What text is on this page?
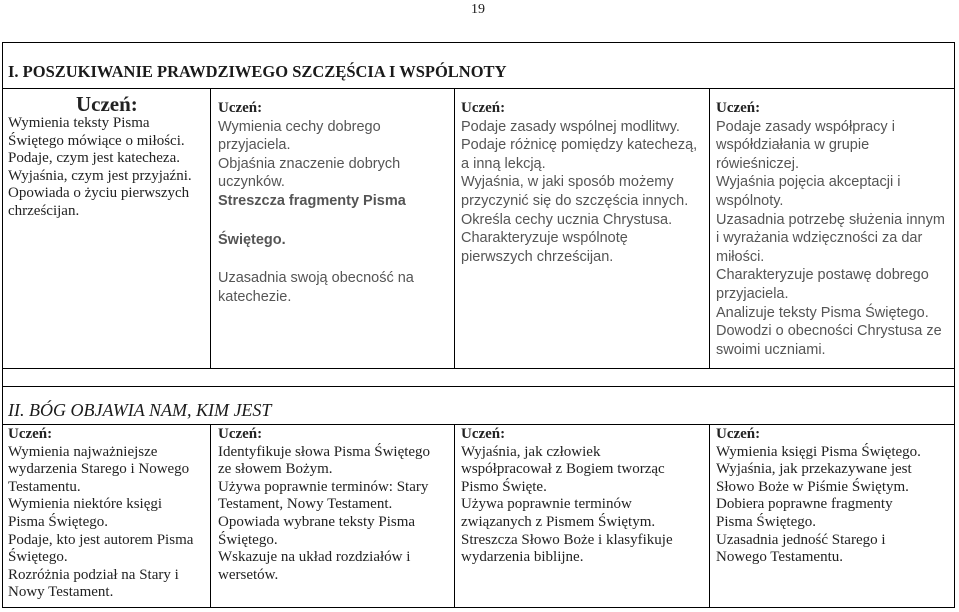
19
I. POSZUKIWANIE PRAWDZIWEGO SZCZĘŚCIA I WSPÓLNOTY
Uczeń:
Wymienia teksty Pisma
Świętego mówiące o miłości.
Podaje, czym jest katecheza.
Wyjaśnia, czym jest przyjaźni.
Opowiada o życiu pierwszych
chrześcijan.
Uczeń:
Wymienia cechy dobrego
przyjaciela.
Objaśnia znaczenie dobrych
uczynków.
Streszcza fragmenty Pisma
Świętego.
Uzasadnia swoją obecność na
katechezie.
Uczeń:
Podaje zasady wspólnej modlitwy.
Podaje różnicę pomiędzy katechezą,
a inną lekcją.
Wyjaśnia, w jaki sposób możemy
przyczynić się do szczęścia innych.
Określa cechy ucznia Chrystusa.
Charakteryzuje wspólnotę
pierwszych chrześcijan.
Uczeń:
Podaje zasady współpracy i
współdziałania w grupie
rówieśniczej.
Wyjaśnia pojęcia akceptacji i
wspólnoty.
Uzasadnia potrzebę służenia innym
i wyrażania wdzięczności za dar
miłości.
Charakteryzuje postawę dobrego
przyjaciela.
Analizuje teksty Pisma Świętego.
Dowodzi o obecności Chrystusa ze
swoimi uczniami.
II. BÓG OBJAWIA NAM, KIM JEST
Uczeń:
Wymienia najważniejsze
wydarzenia Starego i Nowego
Testamentu.
Wymienia niektóre księgi
Pisma Świętego.
Podaje, kto jest autorem Pisma
Świętego.
Rozróżnia podział na Stary i
Nowy Testament.
Uczeń:
Identyfikuje słowa Pisma Świętego
ze słowem Bożym.
Używa poprawnie terminów: Stary
Testament, Nowy Testament.
Opowiada wybrane teksty Pisma
Świętego.
Wskazuje na układ rozdziałów i
wersetów.
Uczeń:
Wyjaśnia, jak człowiek
współpracował z Bogiem tworząc
Pismo Święte.
Używa poprawnie terminów
związanych z Pismem Świętym.
Streszcza Słowo Boże i klasyfikuje
wydarzenia biblijne.
Uczeń:
Wymienia księgi Pisma Świętego.
Wyjaśnia, jak przekazywane jest
Słowo Boże w Piśmie Świętym.
Dobiera poprawne fragmenty
Pisma Świętego.
Uzasadnia jedność Starego i
Nowego Testamentu.
